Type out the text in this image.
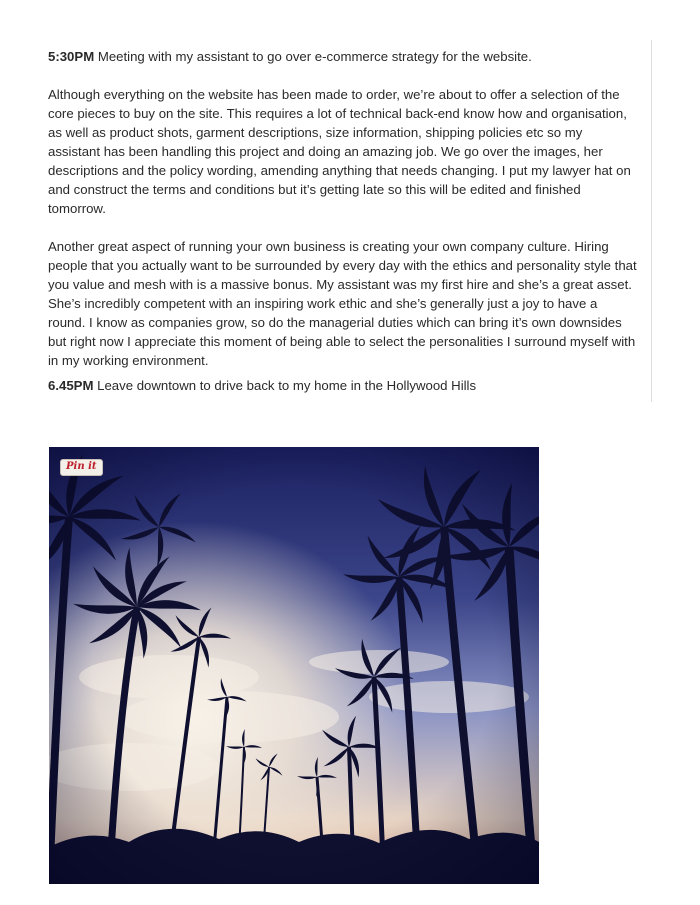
5:30PM Meeting with my assistant to go over e-commerce strategy for the website.

Although everything on the website has been made to order, we’re about to offer a selection of the core pieces to buy on the site. This requires a lot of technical back-end know how and organisation, as well as product shots, garment descriptions, size information, shipping policies etc so my assistant has been handling this project and doing an amazing job. We go over the images, her descriptions and the policy wording, amending anything that needs changing. I put my lawyer hat on and construct the terms and conditions but it’s getting late so this will be edited and finished tomorrow.

Another great aspect of running your own business is creating your own company culture. Hiring people that you actually want to be surrounded by every day with the ethics and personality style that you value and mesh with is a massive bonus. My assistant was my first hire and she’s a great asset. She’s incredibly competent with an inspiring work ethic and she’s generally just a joy to have a round. I know as companies grow, so do the managerial duties which can bring it’s own downsides but right now I appreciate this moment of being able to select the personalities I surround myself with in my working environment.

6.45PM Leave downtown to drive back to my home in the Hollywood Hills

Pin it
